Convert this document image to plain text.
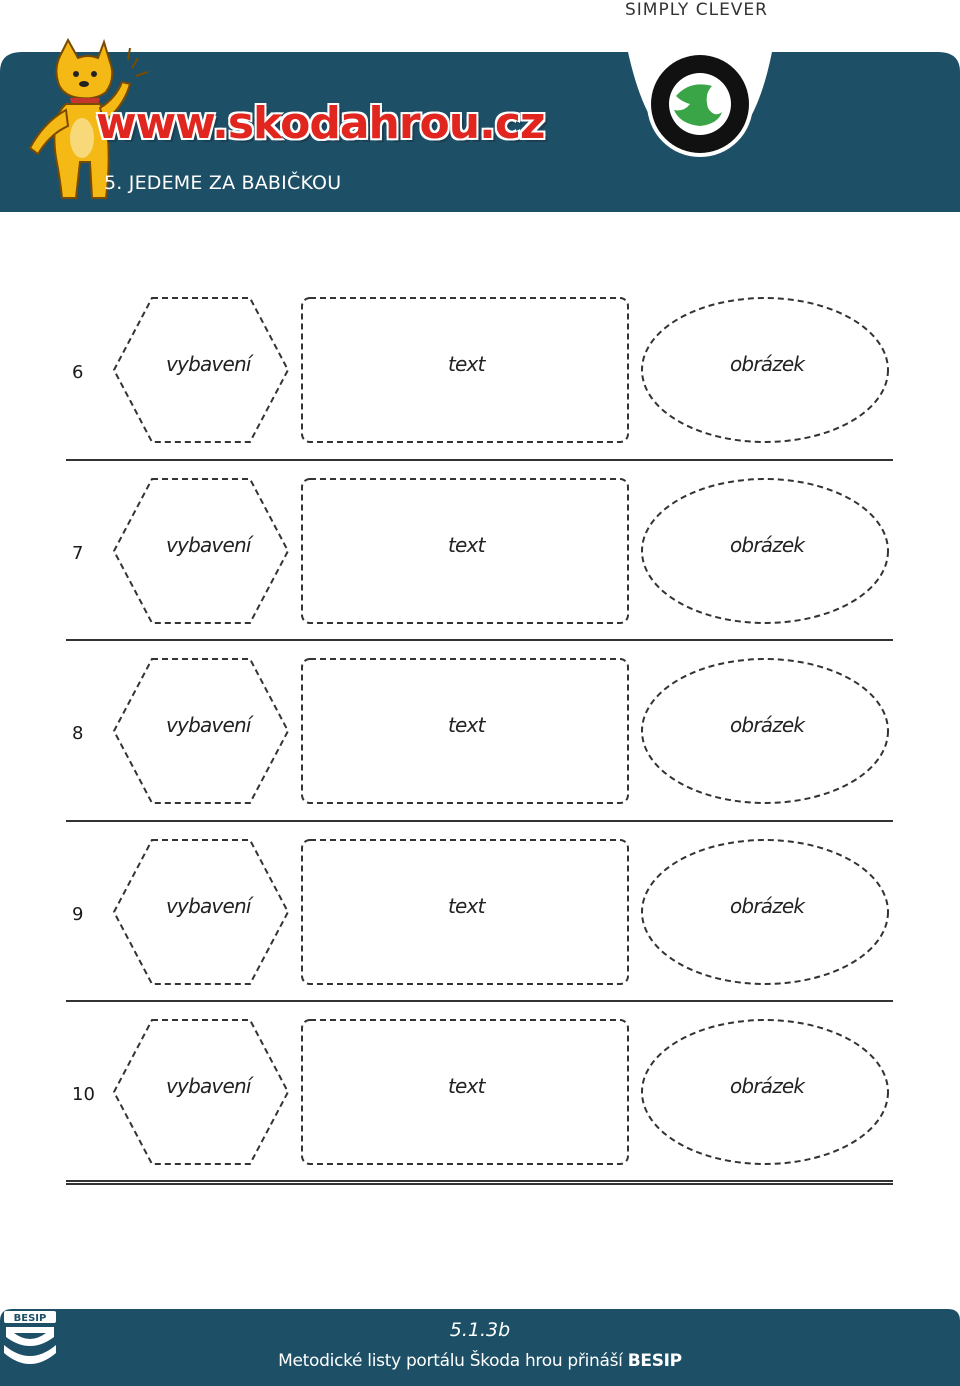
SIMPLY CLEVER
www.skodahrou.cz
5. JEDEME ZA BABIČKOU
6	vybavení	text	obrázek
7	vybavení	text	obrázek
8	vybavení	text	obrázek
9	vybavení	text	obrázek
10	vybavení	text	obrázek
5.1.3b
Metodické listy portálu Škoda hrou přináší BESIP
BESIP
